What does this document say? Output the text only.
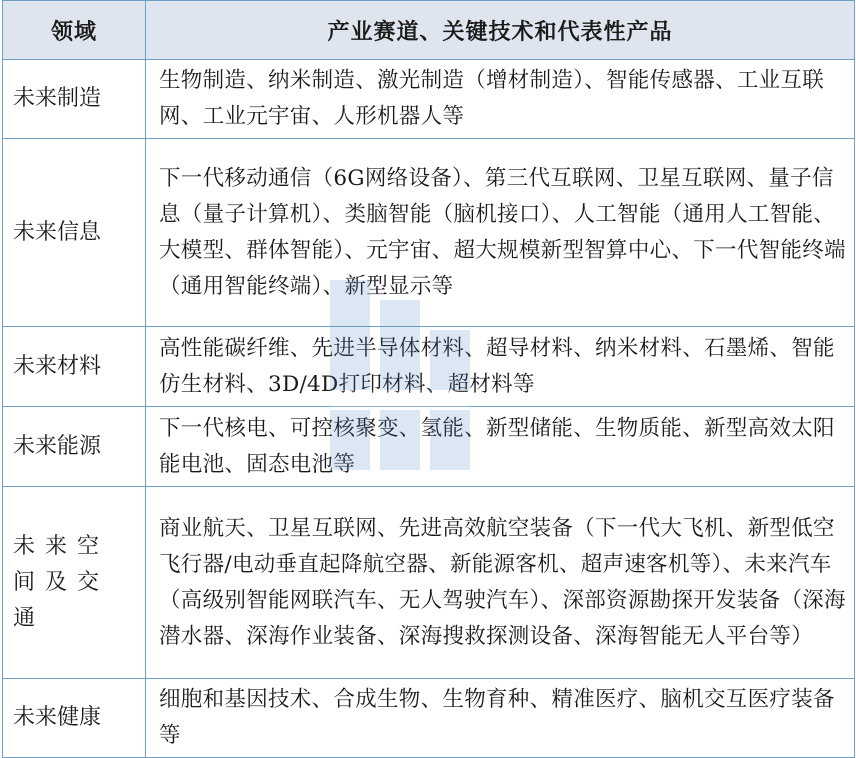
领域	产业赛道、关键技术和代表性产品
未来制造	生物制造、纳米制造、激光制造（增材制造）、智能传感器、工业互联网、工业元宇宙、人形机器人等
未来信息	下一代移动通信（6G网络设备）、第三代互联网、卫星互联网、量子信息（量子计算机）、类脑智能（脑机接口）、人工智能（通用人工智能、大模型、群体智能）、元宇宙、超大规模新型智算中心、下一代智能终端（通用智能终端）、新型显示等
未来材料	高性能碳纤维、先进半导体材料、超导材料、纳米材料、石墨烯、智能仿生材料、3D/4D打印材料、超材料等
未来能源	下一代核电、可控核聚变、氢能、新型储能、生物质能、新型高效太阳能电池、固态电池等
未来空间及交通	商业航天、卫星互联网、先进高效航空装备（下一代大飞机、新型低空飞行器/电动垂直起降航空器、新能源客机、超声速客机等）、未来汽车（高级别智能网联汽车、无人驾驶汽车）、深部资源勘探开发装备（深海潜水器、深海作业装备、深海搜救探测设备、深海智能无人平台等）
未来健康	细胞和基因技术、合成生物、生物育种、精准医疗、脑机交互医疗装备等
